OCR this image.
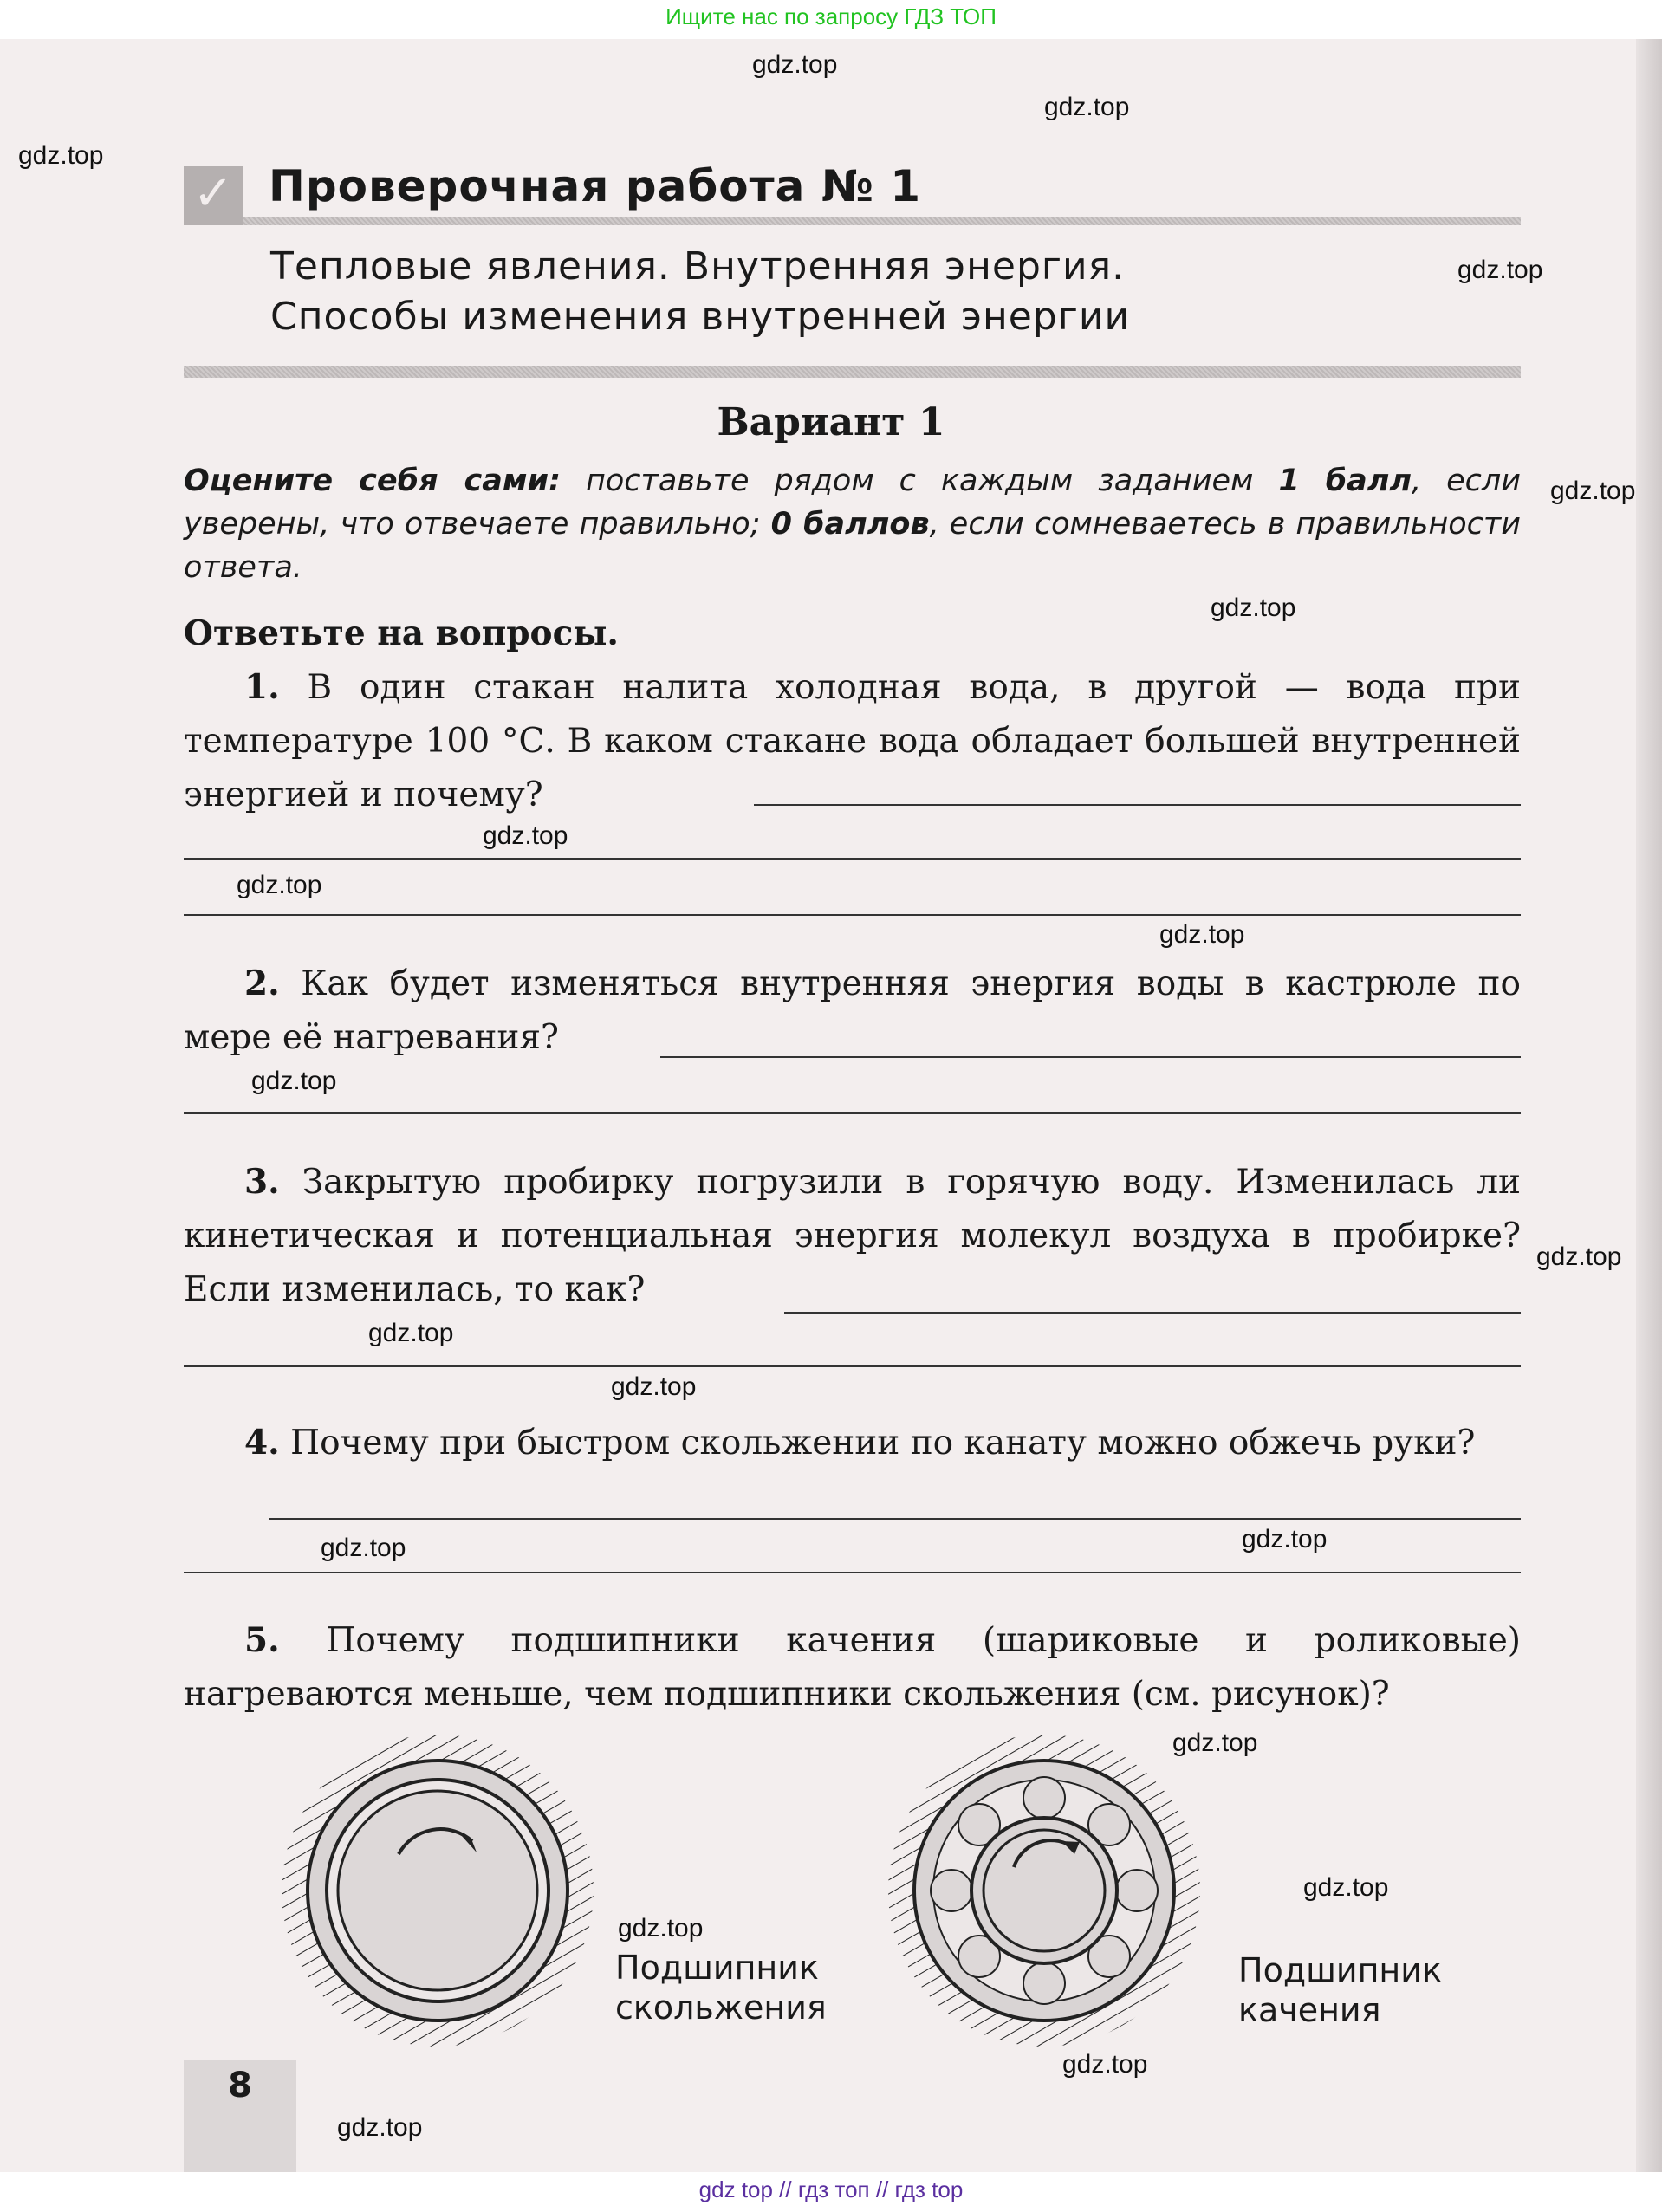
Ищите нас по запросу ГДЗ ТОП
✓ Проверочная работа № 1
Тепловые явления. Внутренняя энергия.
Способы изменения внутренней энергии
Вариант 1
Оцените себя сами: поставьте рядом с каждым заданием 1 балл, если уверены, что отвечаете правильно; 0 баллов, если сомневаетесь в правильности ответа.
Ответьте на вопросы.
1. В один стакан налита холодная вода, в другой — вода при температуре 100 °С. В каком стакане вода обладает большей внутренней энергией и почему?
2. Как будет изменяться внутренняя энергия воды в кастрюле по мере её нагревания?
3. Закрытую пробирку погрузили в горячую воду. Изменилась ли кинетическая и потенциальная энергия молекул воздуха в пробирке? Если изменилась, то как?
4. Почему при быстром скольжении по канату можно обжечь руки?
5. Почему подшипники качения (шариковые и роликовые) нагреваются меньше, чем подшипники скольжения (см. рисунок)?
Подшипник скольжения
Подшипник качения
8
gdz.top
gdz.top
gdz.top
gdz.top
gdz.top
gdz.top
gdz.top
gdz.top
gdz.top
gdz.top
gdz.top
gdz.top
gdz.top
gdz.top
gdz.top
gdz.top
gdz.top
gdz.top
gdz.top
gdz.top
gdz top // гдз топ // гдз top
